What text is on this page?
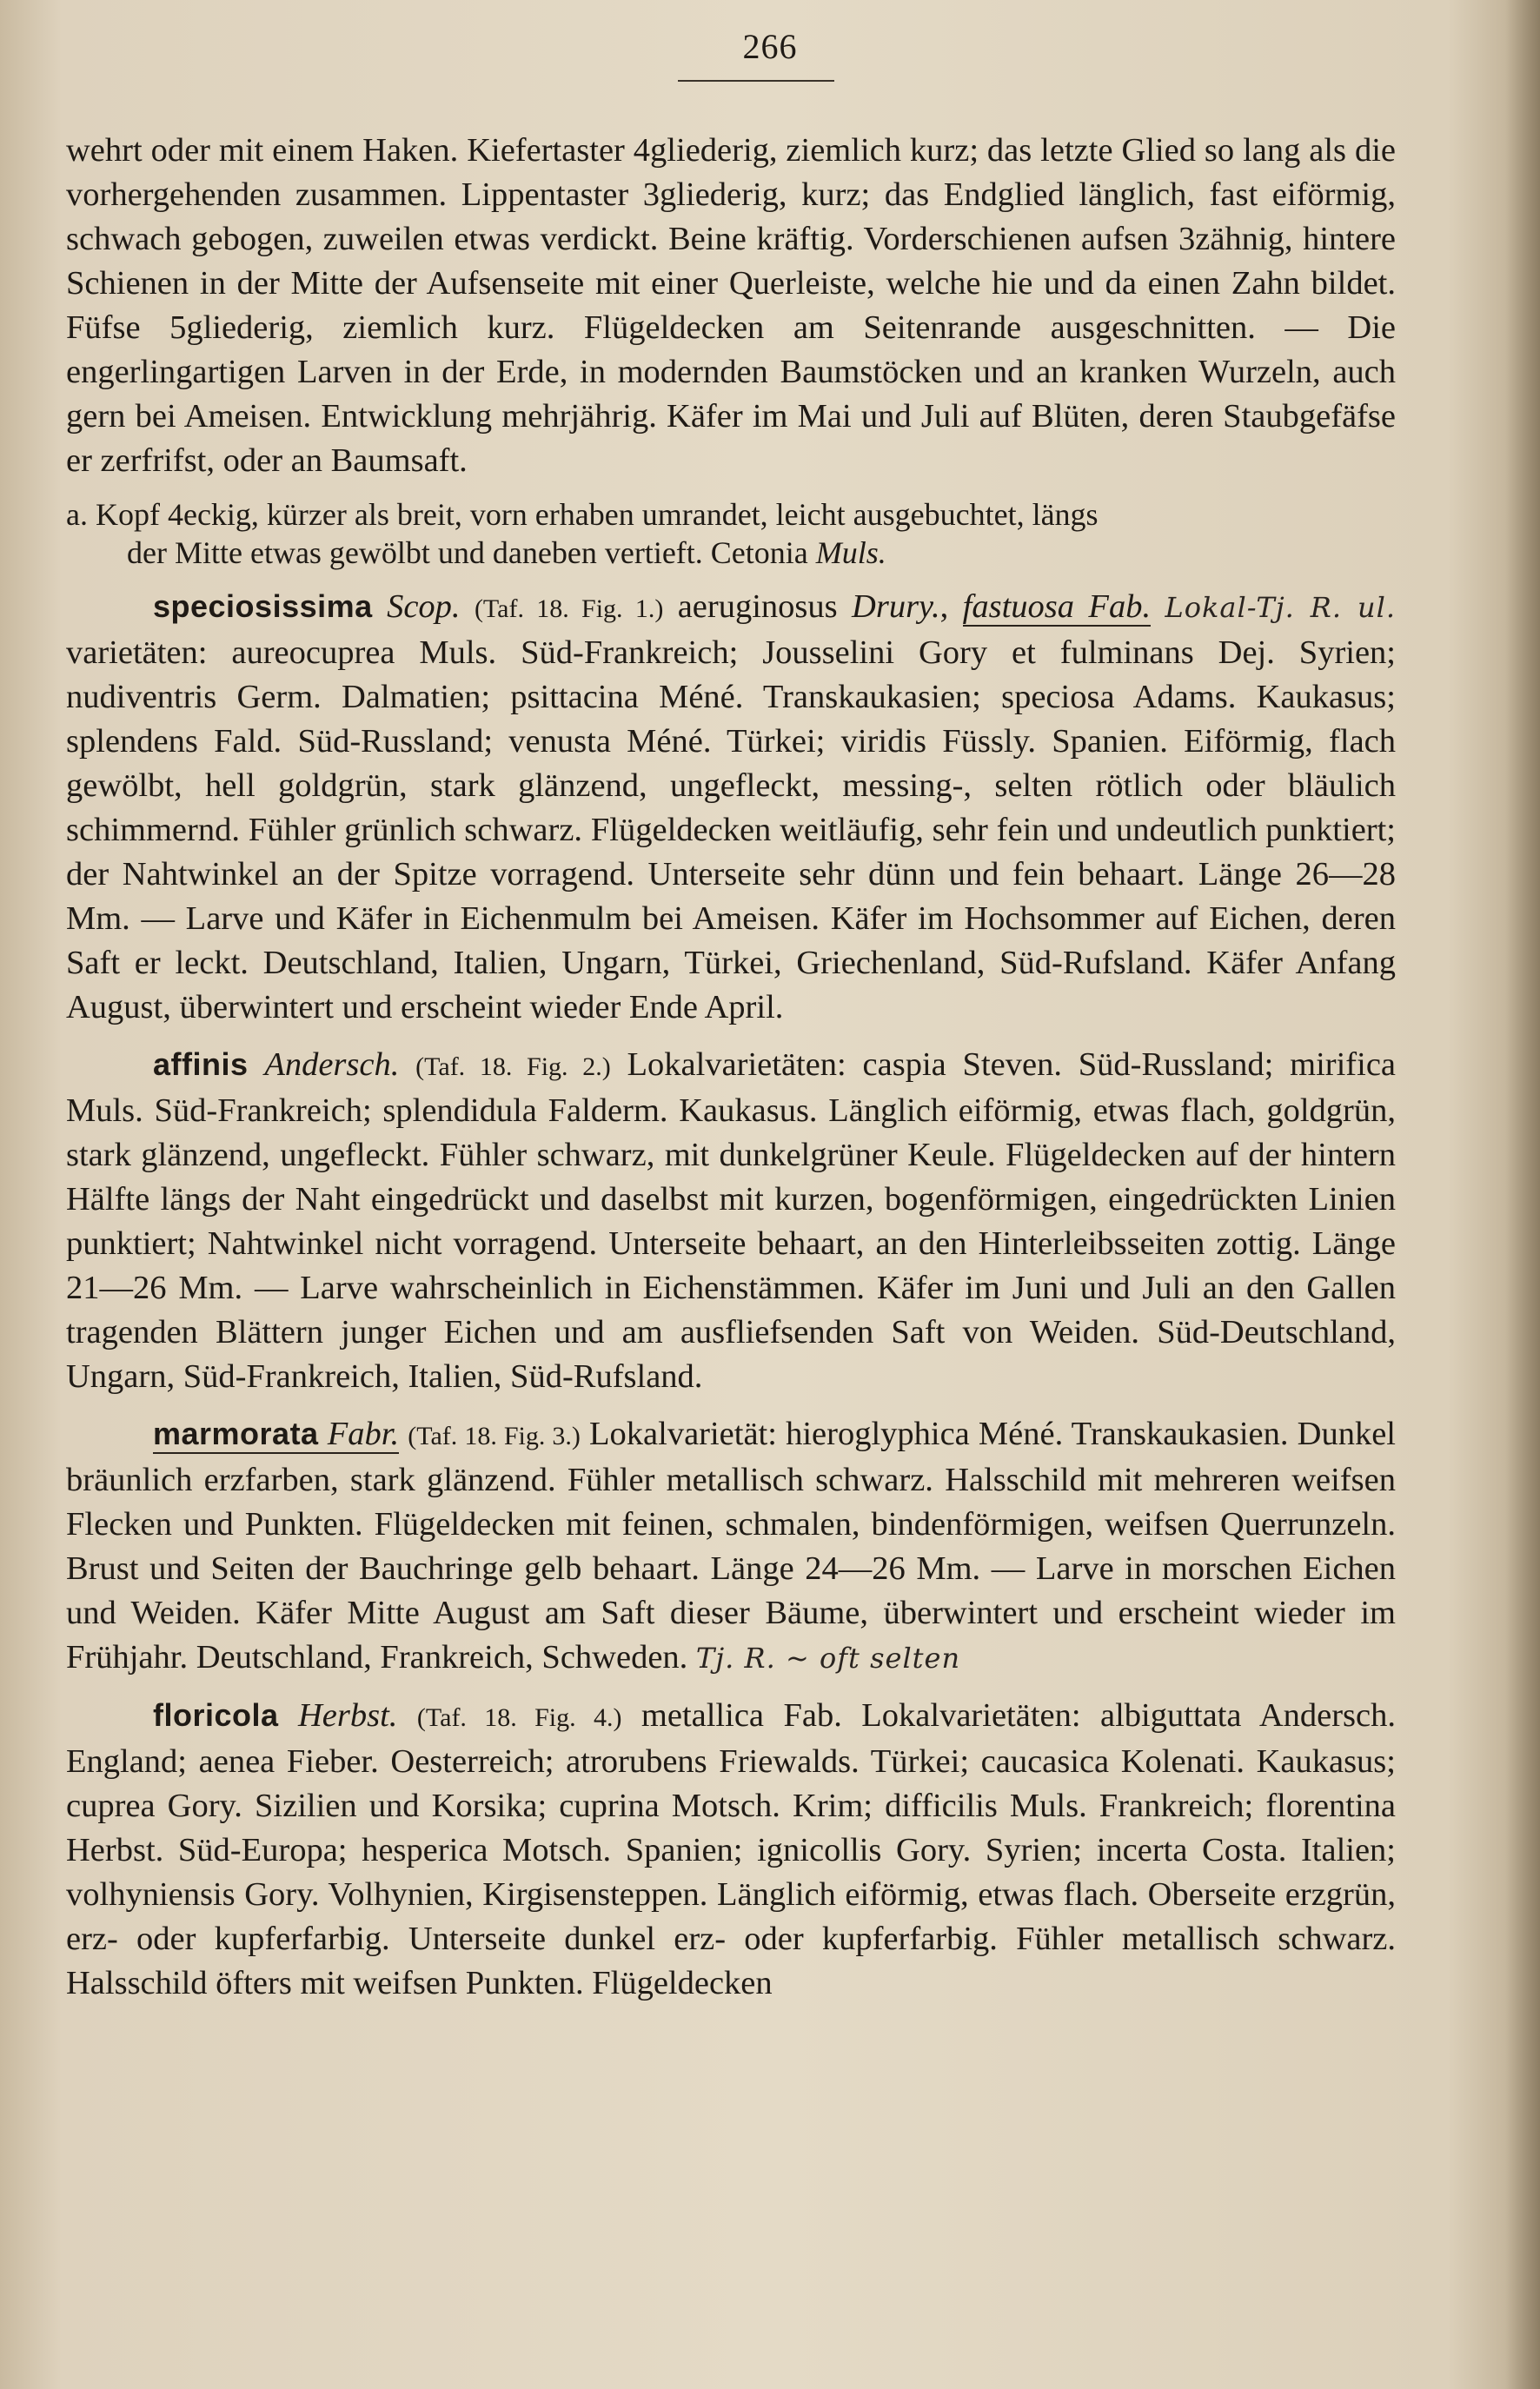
266

wehrt oder mit einem Haken. Kiefertaster 4gliederig, ziemlich kurz; das letzte Glied so lang als die vorhergehenden zusammen. Lippentaster 3gliederig, kurz; das Endglied länglich, fast eiförmig, schwach gebogen, zuweilen etwas verdickt. Beine kräftig. Vorderschienen aufsen 3zähnig, hintere Schienen in der Mitte der Aufsenseite mit einer Querleiste, welche hie und da einen Zahn bildet. Füfse 5gliederig, ziemlich kurz. Flügeldecken am Seitenrande ausgeschnitten. — Die engerlingartigen Larven in der Erde, in modernden Baumstöcken und an kranken Wurzeln, auch gern bei Ameisen. Entwicklung mehrjährig. Käfer im Mai und Juli auf Blüten, deren Staubgefäfse er zerfrifst, oder an Baumsaft.

a. Kopf 4eckig, kürzer als breit, vorn erhaben umrandet, leicht ausgebuchtet, längs
der Mitte etwas gewölbt und daneben vertieft. Cetonia Muls.

speciosissima Scop. (Taf. 18. Fig. 1.) aeruginosus Drury., fastuosa Fab. Lokal-Tj. R. ul. varietäten: aureocuprea Muls. Süd-Frankreich; Jousselini Gory et fulminans Dej. Syrien; nudiventris Germ. Dalmatien; psittacina Méné. Transkaukasien; speciosa Adams. Kaukasus; splendens Fald. Süd-Russland; venusta Méné. Türkei; viridis Füssly. Spanien. Eiförmig, flach gewölbt, hell goldgrün, stark glänzend, ungefleckt, messing-, selten rötlich oder bläulich schimmernd. Fühler grünlich schwarz. Flügeldecken weitläufig, sehr fein und undeutlich punktiert; der Nahtwinkel an der Spitze vorragend. Unterseite sehr dünn und fein behaart. Länge 26—28 Mm. — Larve und Käfer in Eichenmulm bei Ameisen. Käfer im Hochsommer auf Eichen, deren Saft er leckt. Deutschland, Italien, Ungarn, Türkei, Griechenland, Süd-Rufsland. Käfer Anfang August, überwintert und erscheint wieder Ende April.

affinis Andersch. (Taf. 18. Fig. 2.) Lokalvarietäten: caspia Steven. Süd-Russland; mirifica Muls. Süd-Frankreich; splendidula Falderm. Kaukasus. Länglich eiförmig, etwas flach, goldgrün, stark glänzend, ungefleckt. Fühler schwarz, mit dunkelgrüner Keule. Flügeldecken auf der hintern Hälfte längs der Naht eingedrückt und daselbst mit kurzen, bogenförmigen, eingedrückten Linien punktiert; Nahtwinkel nicht vorragend. Unterseite behaart, an den Hinterleibsseiten zottig. Länge 21—26 Mm. — Larve wahrscheinlich in Eichenstämmen. Käfer im Juni und Juli an den Gallen tragenden Blättern junger Eichen und am ausfliefsenden Saft von Weiden. Süd-Deutschland, Ungarn, Süd-Frankreich, Italien, Süd-Rufsland.

marmorata Fabr. (Taf. 18. Fig. 3.) Lokalvarietät: hieroglyphica Méné. Transkaukasien. Dunkel bräunlich erzfarben, stark glänzend. Fühler metallisch schwarz. Halsschild mit mehreren weifsen Flecken und Punkten. Flügeldecken mit feinen, schmalen, bindenförmigen, weifsen Querrunzeln. Brust und Seiten der Bauchringe gelb behaart. Länge 24—26 Mm. — Larve in morschen Eichen und Weiden. Käfer Mitte August am Saft dieser Bäume, überwintert und erscheint wieder im Frühjahr. Deutschland, Frankreich, Schweden. Tj. R. ~ oft selten

floricola Herbst. (Taf. 18. Fig. 4.) metallica Fab. Lokalvarietäten: albiguttata Andersch. England; aenea Fieber. Oesterreich; atrorubens Friewalds. Türkei; caucasica Kolenati. Kaukasus; cuprea Gory. Sizilien und Korsika; cuprina Motsch. Krim; difficilis Muls. Frankreich; florentina Herbst. Süd-Europa; hesperica Motsch. Spanien; ignicollis Gory. Syrien; incerta Costa. Italien; volhyniensis Gory. Volhynien, Kirgisensteppen. Länglich eiförmig, etwas flach. Oberseite erzgrün, erz- oder kupferfarbig. Unterseite dunkel erz- oder kupferfarbig. Fühler metallisch schwarz. Halsschild öfters mit weifsen Punkten. Flügeldecken
